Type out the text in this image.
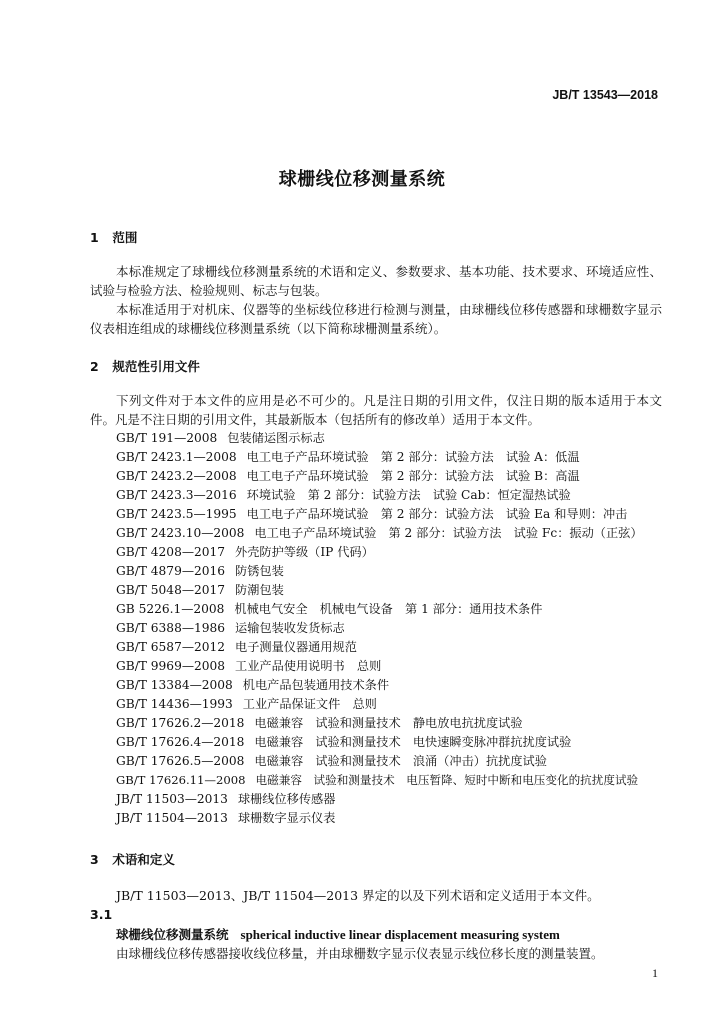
JB/T 13543—2018
球栅线位移测量系统
1 范围
本标准规定了球栅线位移测量系统的术语和定义、参数要求、基本功能、技术要求、环境适应性、试验与检验方法、检验规则、标志与包装。
本标准适用于对机床、仪器等的坐标线位移进行检测与测量，由球栅线位移传感器和球栅数字显示仪表相连组成的球栅线位移测量系统（以下简称球栅测量系统）。
2 规范性引用文件
下列文件对于本文件的应用是必不可少的。凡是注日期的引用文件，仅注日期的版本适用于本文件。凡是不注日期的引用文件，其最新版本（包括所有的修改单）适用于本文件。
GB/T 191—2008 包装储运图示标志
GB/T 2423.1—2008 电工电子产品环境试验　第 2 部分：试验方法　试验 A：低温
GB/T 2423.2—2008 电工电子产品环境试验　第 2 部分：试验方法　试验 B：高温
GB/T 2423.3—2016 环境试验　第 2 部分：试验方法　试验 Cab：恒定湿热试验
GB/T 2423.5—1995 电工电子产品环境试验　第 2 部分：试验方法　试验 Ea 和导则：冲击
GB/T 2423.10—2008 电工电子产品环境试验　第 2 部分：试验方法　试验 Fc：振动（正弦）
GB/T 4208—2017 外壳防护等级（IP 代码）
GB/T 4879—2016 防锈包装
GB/T 5048—2017 防潮包装
GB 5226.1—2008 机械电气安全　机械电气设备　第 1 部分：通用技术条件
GB/T 6388—1986 运输包装收发货标志
GB/T 6587—2012 电子测量仪器通用规范
GB/T 9969—2008 工业产品使用说明书　总则
GB/T 13384—2008 机电产品包装通用技术条件
GB/T 14436—1993 工业产品保证文件　总则
GB/T 17626.2—2018 电磁兼容　试验和测量技术　静电放电抗扰度试验
GB/T 17626.4—2018 电磁兼容　试验和测量技术　电快速瞬变脉冲群抗扰度试验
GB/T 17626.5—2008 电磁兼容　试验和测量技术　浪涌（冲击）抗扰度试验
GB/T 17626.11—2008 电磁兼容　试验和测量技术　电压暂降、短时中断和电压变化的抗扰度试验
JB/T 11503—2013 球栅线位移传感器
JB/T 11504—2013 球栅数字显示仪表
3 术语和定义
JB/T 11503—2013、JB/T 11504—2013 界定的以及下列术语和定义适用于本文件。
3.1
球栅线位移测量系统 spherical inductive linear displacement measuring system
由球栅线位移传感器接收线位移量，并由球栅数字显示仪表显示线位移长度的测量装置。
1
